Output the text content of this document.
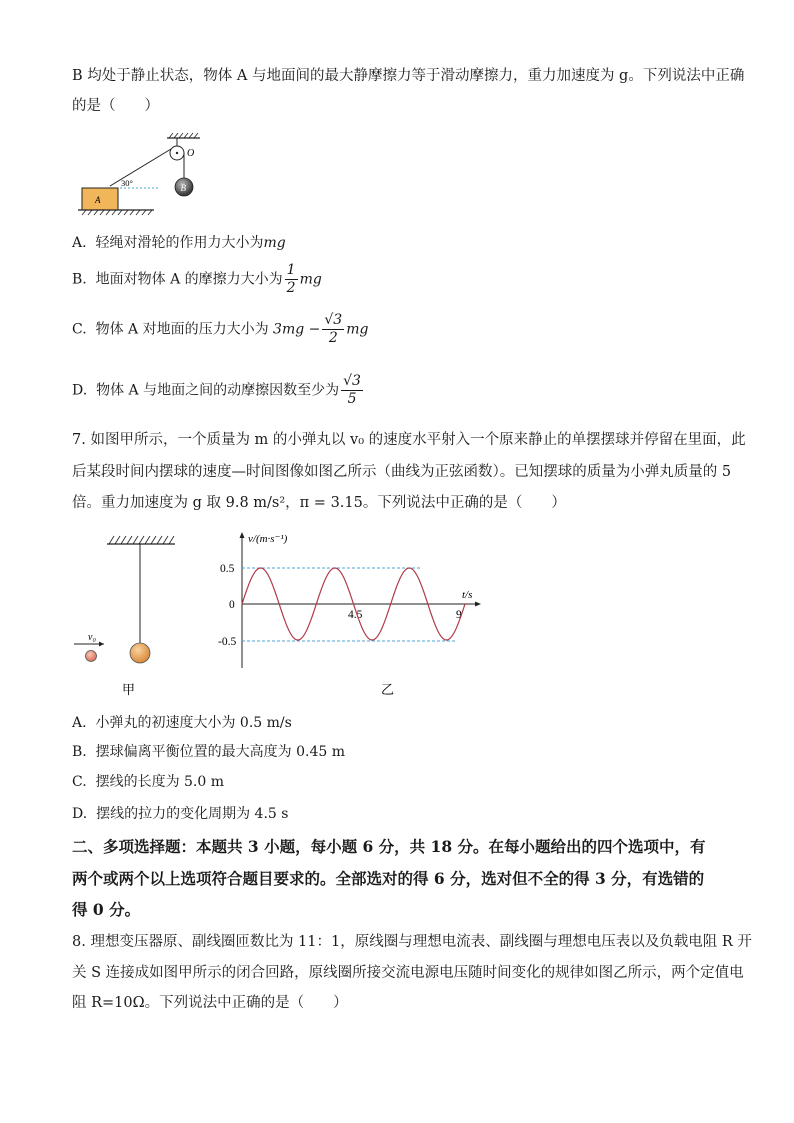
B 均处于静止状态，物体 A 与地面间的最大静摩擦力等于滑动摩擦力，重力加速度为 g。下列说法中正确
的是（　　）
O
B
30°
A
A. 轻绳对滑轮的作用力大小为mg
B. 地面对物体 A 的摩擦力大小为 $\frac{1}{2}$ mg
C. 物体 A 对地面的压力大小为 $3mg - \frac{√3}{2}$ mg
D. 物体 A 与地面之间的动摩擦因数至少为 $\frac{√3}{5}$
7. 如图甲所示，一个质量为 m 的小弹丸以 v₀ 的速度水平射入一个原来静止的单摆摆球并停留在里面，此
后某段时间内摆球的速度—时间图像如图乙所示（曲线为正弦函数）。已知摆球的质量为小弹丸质量的 5
倍。重力加速度为 g 取 9.8 m/s²，π = 3.15。下列说法中正确的是（　　）
v₀
甲
v/(m·s⁻¹)
t/s
0.5
0
-0.5
4.5	9
乙
A. 小弹丸的初速度大小为 0.5 m/s
B. 摆球偏离平衡位置的最大高度为 0.45 m
C. 摆线的长度为 5.0 m
D. 摆线的拉力的变化周期为 4.5 s
二、多项选择题：本题共 3 小题，每小题 6 分，共 18 分。在每小题给出的四个选项中，有
两个或两个以上选项符合题目要求的。全部选对的得 6 分，选对但不全的得 3 分，有选错的
得 0 分。
8. 理想变压器原、副线圈匝数比为 11：1，原线圈与理想电流表、副线圈与理想电压表以及负载电阻 R 开
关 S 连接成如图甲所示的闭合回路，原线圈所接交流电源电压随时间变化的规律如图乙所示，两个定值电
阻 R=10Ω。下列说法中正确的是（　　）
